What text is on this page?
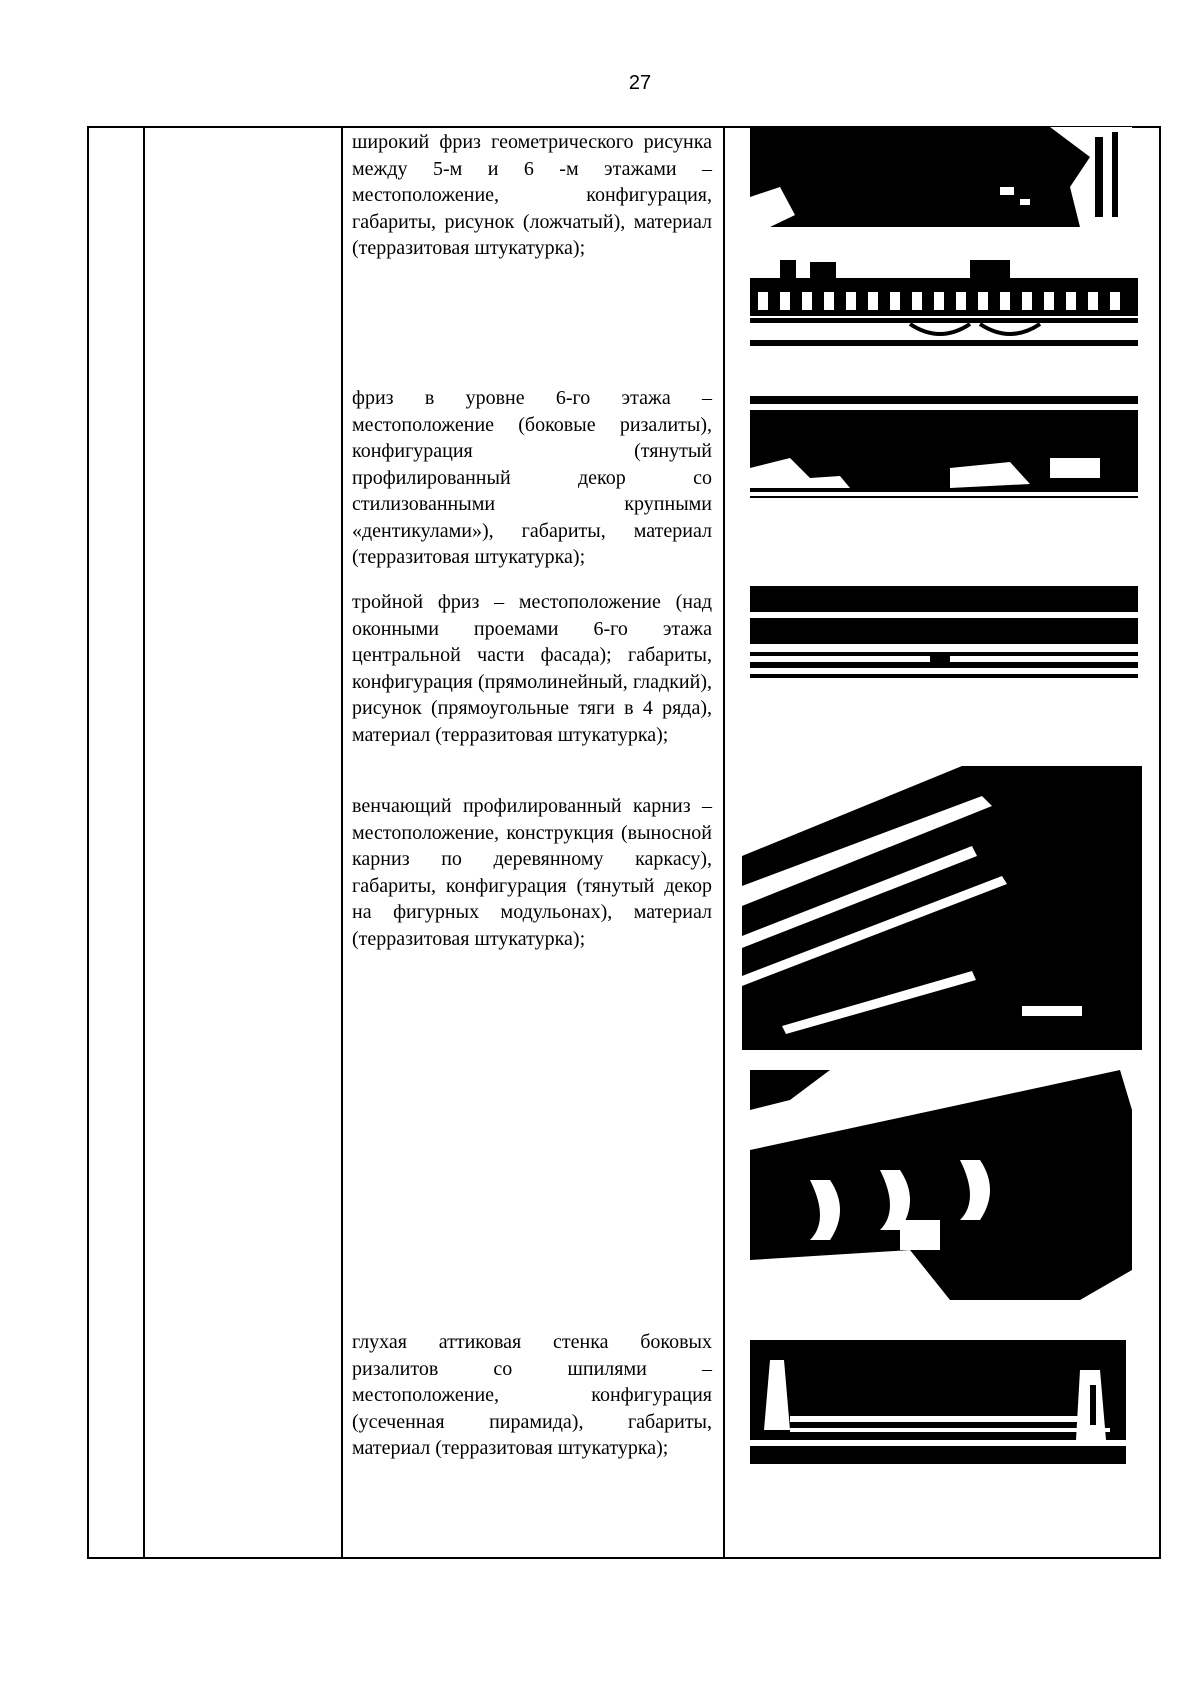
27
широкий фриз геометрического рисунка между 5-м и 6 -м этажами – местоположение, конфигурация, габариты, рисунок (ложчатый), материал (терразитовая штукатурка);
фриз в уровне 6-го этажа – местоположение (боковые ризалиты), конфигурация (тянутый профилированный декор со стилизованными крупными «дентикулами»), габариты, материал (терразитовая штукатурка);
тройной фриз – местоположение (над оконными проемами 6-го этажа центральной части фасада); габариты, конфигурация (прямолинейный, гладкий), рисунок (прямоугольные тяги в 4 ряда), материал (терразитовая штукатурка);
венчающий профилированный карниз – местоположение, конструкция (выносной карниз по деревянному каркасу), габариты, конфигурация (тянутый декор на фигурных модульонах), материал (терразитовая штукатурка);
глухая аттиковая стенка боковых ризалитов со шпилями – местоположение, конфигурация (усеченная пирамида), габариты, материал (терразитовая штукатурка);
